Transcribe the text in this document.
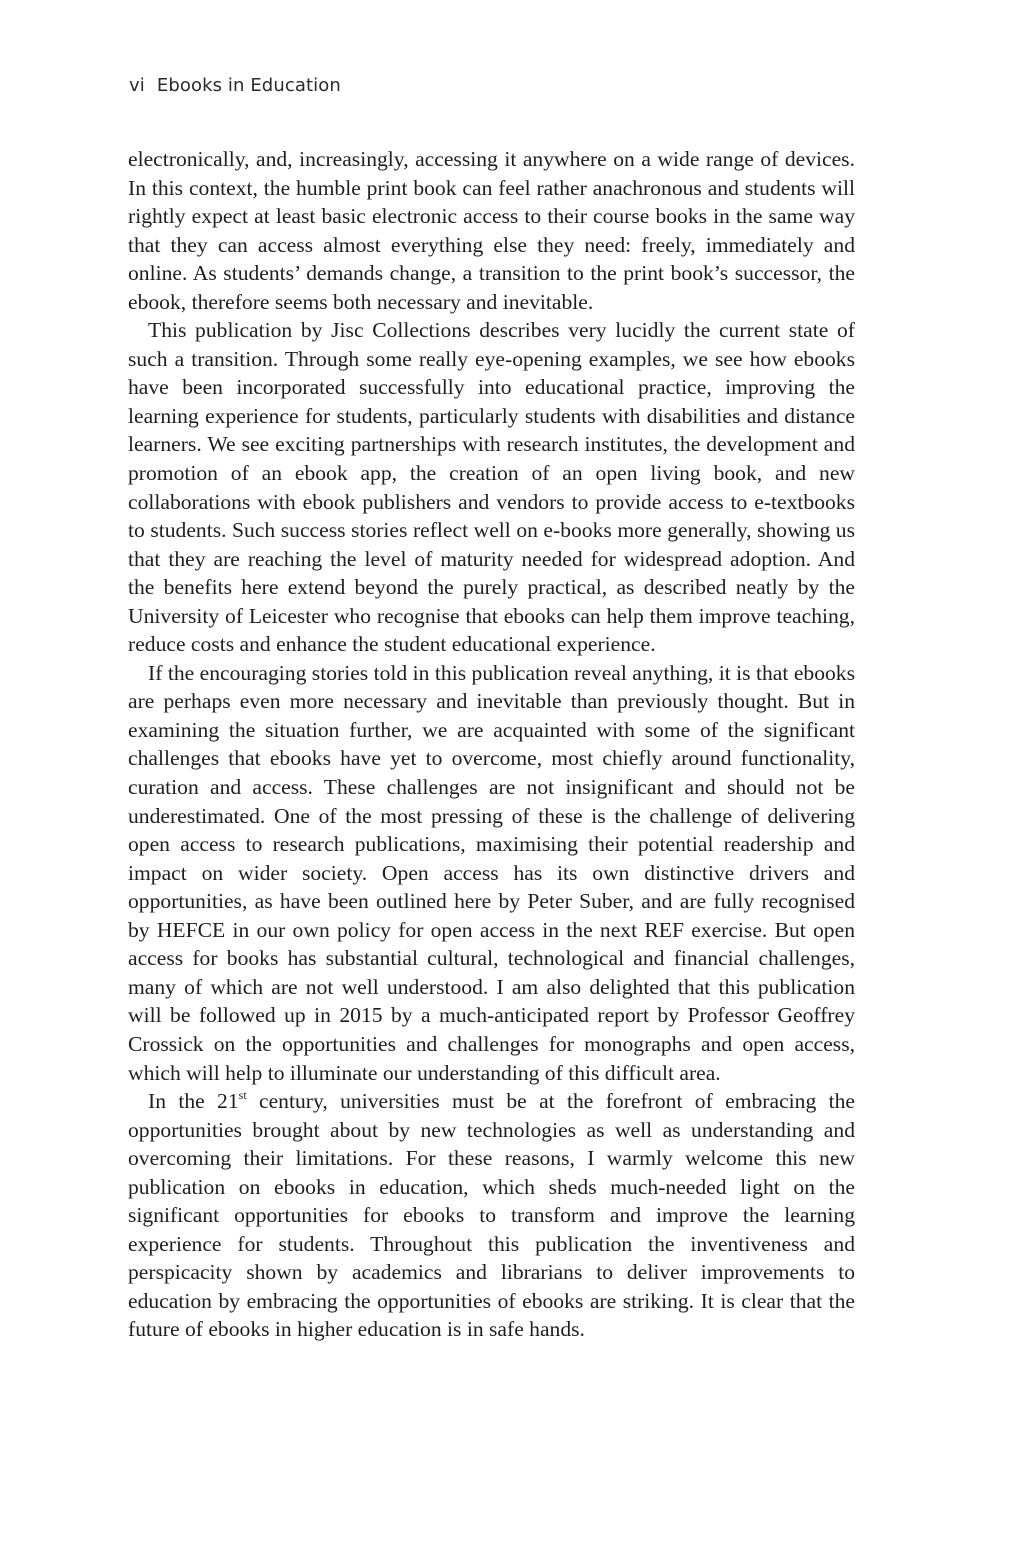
vi Ebooks in Education

electronically, and, increasingly, accessing it anywhere on a wide range of devices. In this context, the humble print book can feel rather anachronous and students will rightly expect at least basic electronic access to their course books in the same way that they can access almost everything else they need: freely, immediately and online. As students’ demands change, a transition to the print book’s successor, the ebook, therefore seems both necessary and inevitable.

This publication by Jisc Collections describes very lucidly the current state of such a transition. Through some really eye-opening examples, we see how ebooks have been incorporated successfully into educational practice, improving the learning experience for students, particularly students with disabilities and distance learners. We see exciting partnerships with research institutes, the development and promotion of an ebook app, the creation of an open living book, and new collaborations with ebook publishers and vendors to provide access to e-textbooks to students. Such success stories reflect well on e-books more generally, showing us that they are reaching the level of maturity needed for widespread adoption. And the benefits here extend beyond the purely practical, as described neatly by the University of Leicester who recognise that ebooks can help them improve teaching, reduce costs and enhance the student educational experience.

If the encouraging stories told in this publication reveal anything, it is that ebooks are perhaps even more necessary and inevitable than previously thought. But in examining the situation further, we are acquainted with some of the significant challenges that ebooks have yet to overcome, most chiefly around functionality, curation and access. These challenges are not insignificant and should not be underestimated. One of the most pressing of these is the challenge of delivering open access to research publications, maximising their potential readership and impact on wider society. Open access has its own distinctive drivers and opportunities, as have been outlined here by Peter Suber, and are fully recognised by HEFCE in our own policy for open access in the next REF exercise. But open access for books has substantial cultural, technological and financial challenges, many of which are not well understood. I am also delighted that this publication will be followed up in 2015 by a much-anticipated report by Professor Geoffrey Crossick on the opportunities and challenges for monographs and open access, which will help to illuminate our understanding of this difficult area.

In the 21st century, universities must be at the forefront of embracing the opportunities brought about by new technologies as well as understanding and overcoming their limitations. For these reasons, I warmly welcome this new publication on ebooks in education, which sheds much-needed light on the significant opportunities for ebooks to transform and improve the learning experience for students. Throughout this publication the inventiveness and perspicacity shown by academics and librarians to deliver improvements to education by embracing the opportunities of ebooks are striking. It is clear that the future of ebooks in higher education is in safe hands.
